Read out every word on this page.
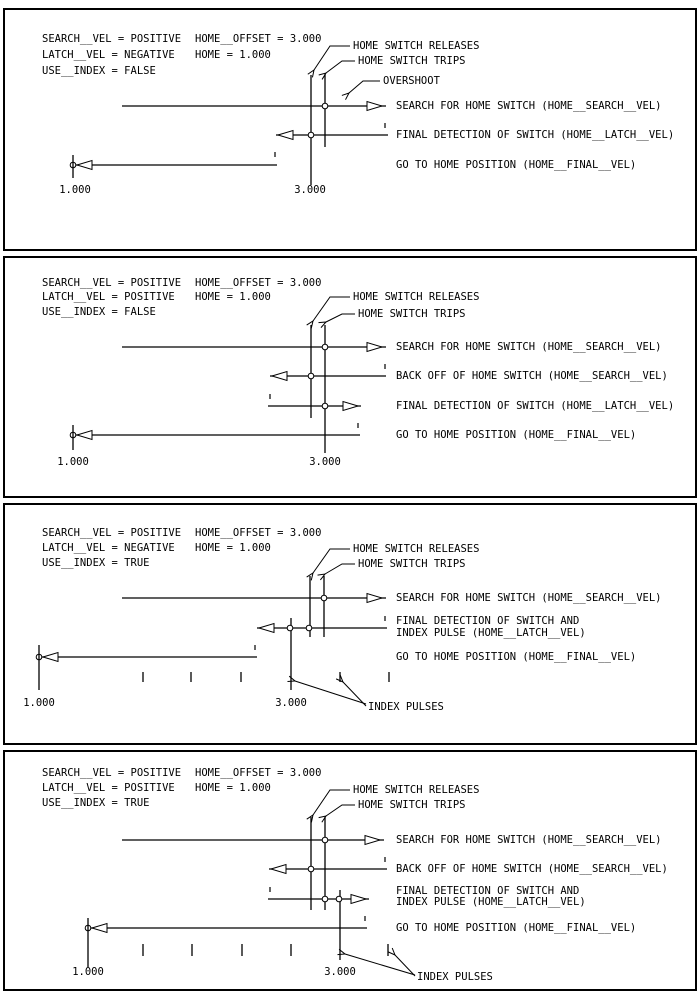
SEARCH__VEL = POSITIVE HOME__OFFSET = 3.000
LATCH__VEL = NEGATIVE HOME = 1.000
USE__INDEX = FALSE
HOME SWITCH RELEASES
HOME SWITCH TRIPS
OVERSHOOT
SEARCH FOR HOME SWITCH (HOME__SEARCH__VEL)
FINAL DETECTION OF SWITCH (HOME__LATCH__VEL)
GO TO HOME POSITION (HOME__FINAL__VEL)
1.000	3.000
SEARCH__VEL = POSITIVE HOME__OFFSET = 3.000
LATCH__VEL = POSITIVE HOME = 1.000
USE__INDEX = FALSE
HOME SWITCH RELEASES
HOME SWITCH TRIPS
SEARCH FOR HOME SWITCH (HOME__SEARCH__VEL)
BACK OFF OF HOME SWITCH (HOME__SEARCH__VEL)
FINAL DETECTION OF SWITCH (HOME__LATCH__VEL)
GO TO HOME POSITION (HOME__FINAL__VEL)
1.000	3.000
SEARCH__VEL = POSITIVE HOME__OFFSET = 3.000
LATCH__VEL = NEGATIVE HOME = 1.000
USE__INDEX = TRUE
HOME SWITCH RELEASES
HOME SWITCH TRIPS
SEARCH FOR HOME SWITCH (HOME__SEARCH__VEL)
FINAL DETECTION OF SWITCH AND
INDEX PULSE (HOME__LATCH__VEL)
GO TO HOME POSITION (HOME__FINAL__VEL)
INDEX PULSES
1.000	3.000
SEARCH__VEL = POSITIVE HOME__OFFSET = 3.000
LATCH__VEL = POSITIVE HOME = 1.000
USE__INDEX = TRUE
HOME SWITCH RELEASES
HOME SWITCH TRIPS
SEARCH FOR HOME SWITCH (HOME__SEARCH__VEL)
BACK OFF OF HOME SWITCH (HOME__SEARCH__VEL)
FINAL DETECTION OF SWITCH AND
INDEX PULSE (HOME__LATCH__VEL)
GO TO HOME POSITION (HOME__FINAL__VEL)
INDEX PULSES
1.000	3.000
